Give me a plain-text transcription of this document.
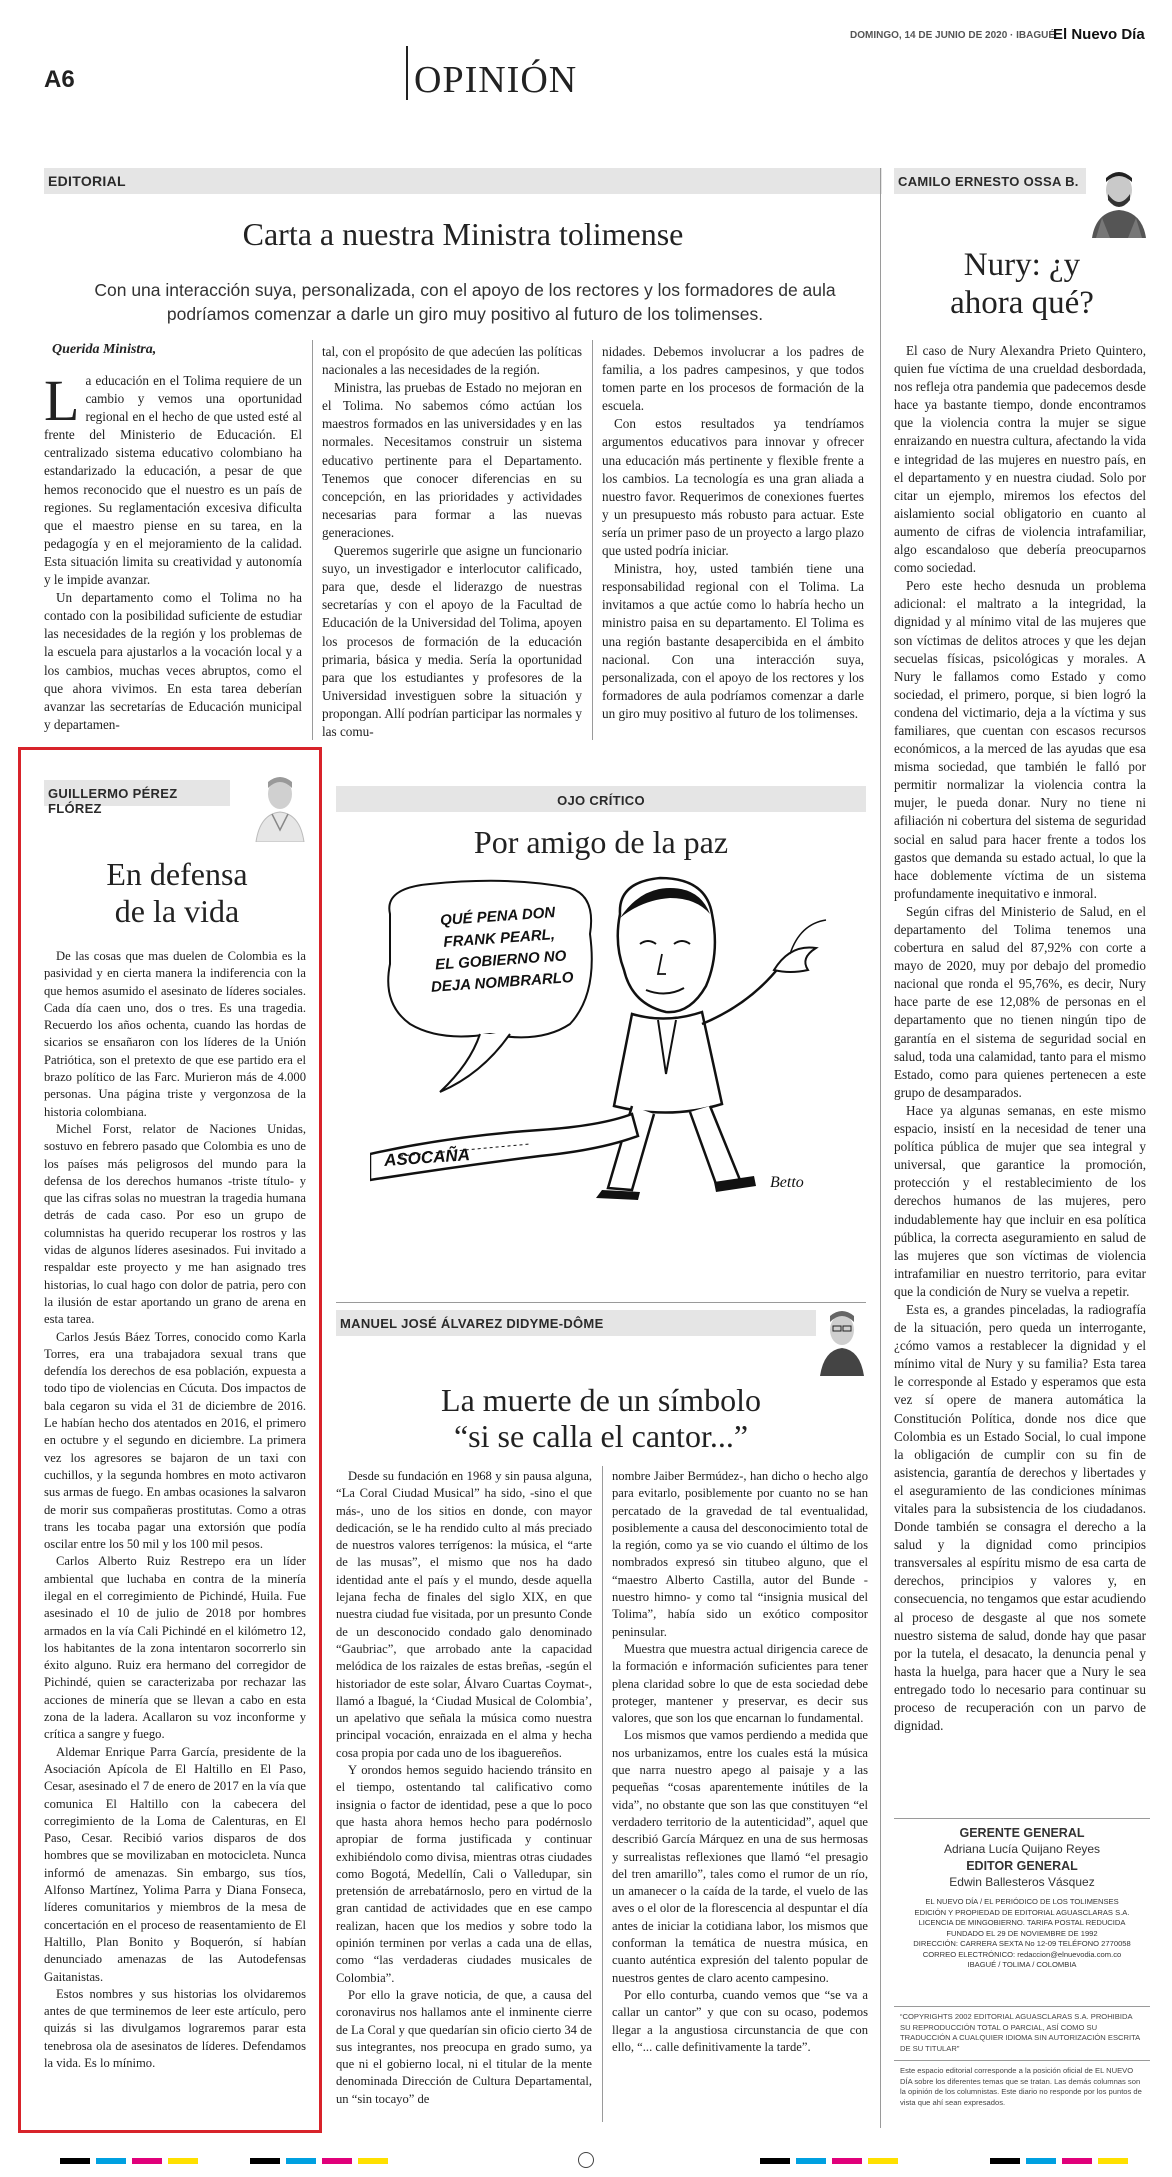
A6	OPINIÓN
DOMINGO, 14 DE JUNIO DE 2020 · IBAGUÉ
El Nuevo Día
EDITORIAL
Carta a nuestra Ministra tolimense
Con una interacción suya, personalizada, con el apoyo de los rectores y los formadores de aula podríamos comenzar a darle un giro muy positivo al futuro de los tolimenses.
Querida Ministra,

La educación en el Tolima requiere de un cambio y vemos una oportunidad regional en el hecho de que usted esté al frente del Ministerio de Educación. El centralizado sistema educativo colombiano ha estandarizado la educación, a pesar de que hemos reconocido que el nuestro es un país de regiones. Su reglamentación excesiva dificulta que el maestro piense en su tarea, en la pedagogía y en el mejoramiento de la calidad. Esta situación limita su creatividad y autonomía y le impide avanzar.

Un departamento como el Tolima no ha contado con la posibilidad suficiente de estudiar las necesidades de la región y los problemas de la escuela para ajustarlos a la vocación local y a los cambios, muchas veces abruptos, como el que ahora vivimos. En esta tarea deberían avanzar las secretarías de Educación municipal y departamen-

tal, con el propósito de que adecúen las políticas nacionales a las necesidades de la región.

Ministra, las pruebas de Estado no mejoran en el Tolima. No sabemos cómo actúan los maestros formados en las universidades y en las normales. Necesitamos construir un sistema educativo pertinente para el Departamento. Tenemos que conocer diferencias en su concepción, en las prioridades y actividades necesarias para formar a las nuevas generaciones.

Queremos sugerirle que asigne un funcionario suyo, un investigador e interlocutor calificado, para que, desde el liderazgo de nuestras secretarías y con el apoyo de la Facultad de Educación de la Universidad del Tolima, apoyen los procesos de formación de la educación primaria, básica y media. Sería la oportunidad para que los estudiantes y profesores de la Universidad investiguen sobre la situación y propongan. Allí podrían participar las normales y las comu-

nidades. Debemos involucrar a los padres de familia, a los padres campesinos, y que todos tomen parte en los procesos de formación de la escuela.

Con estos resultados ya tendríamos argumentos educativos para innovar y ofrecer una educación más pertinente y flexible frente a los cambios. La tecnología es una gran aliada a nuestro favor. Requerimos de conexiones fuertes y un presupuesto más robusto para actuar. Este sería un primer paso de un proyecto a largo plazo que usted podría iniciar.

Ministra, hoy, usted también tiene una responsabilidad regional con el Tolima. La invitamos a que actúe como lo habría hecho un ministro paisa en su departamento. El Tolima es una región bastante desapercibida en el ámbito nacional. Con una interacción suya, personalizada, con el apoyo de los rectores y los formadores de aula podríamos comenzar a darle un giro muy positivo al futuro de los tolimenses.

CAMILO ERNESTO OSSA B.
Nury: ¿y
ahora qué?

El caso de Nury Alexandra Prieto Quintero, quien fue víctima de una crueldad desbordada, nos refleja otra pandemia que padecemos desde hace ya bastante tiempo, donde encontramos que la violencia contra la mujer se sigue enraizando en nuestra cultura, afectando la vida e integridad de las mujeres en nuestro país, en el departamento y en nuestra ciudad. Solo por citar un ejemplo, miremos los efectos del aislamiento social obligatorio en cuanto al aumento de cifras de violencia intrafamiliar, algo escandaloso que debería preocuparnos como sociedad.

Pero este hecho desnuda un problema adicional: el maltrato a la integridad, la dignidad y al mínimo vital de las mujeres que son víctimas de delitos atroces y que les dejan secuelas físicas, psicológicas y morales. A Nury le fallamos como Estado y como sociedad, el primero, porque, si bien logró la condena del victimario, deja a la víctima y sus familiares, que cuentan con escasos recursos económicos, a la merced de las ayudas que esa misma sociedad, que también le falló por permitir normalizar la violencia contra la mujer, le pueda donar. Nury no tiene ni afiliación ni cobertura del sistema de seguridad social en salud para hacer frente a todos los gastos que demanda su estado actual, lo que la hace doblemente víctima de un sistema profundamente inequitativo e inmoral.

Según cifras del Ministerio de Salud, en el departamento del Tolima tenemos una cobertura en salud del 87,92% con corte a mayo de 2020, muy por debajo del promedio nacional que ronda el 95,76%, es decir, Nury hace parte de ese 12,08% de personas en el departamento que no tienen ningún tipo de garantía en el sistema de seguridad social en salud, toda una calamidad, tanto para el mismo Estado, como para quienes pertenecen a este grupo de desamparados.

Hace ya algunas semanas, en este mismo espacio, insistí en la necesidad de tener una política pública de mujer que sea integral y universal, que garantice la promoción, protección y el restablecimiento de los derechos humanos de las mujeres, pero indudablemente hay que incluir en esa política pública, la correcta aseguramiento en salud de las mujeres que son víctimas de violencia intrafamiliar en nuestro territorio, para evitar que la condición de Nury se vuelva a repetir.

Esta es, a grandes pinceladas, la radiografía de la situación, pero queda un interrogante, ¿cómo vamos a restablecer la dignidad y el mínimo vital de Nury y su familia? Esta tarea le corresponde al Estado y esperamos que esta vez sí opere de manera automática la Constitución Política, donde nos dice que Colombia es un Estado Social, lo cual impone la obligación de cumplir con su fin de asistencia, garantía de derechos y libertades y el aseguramiento de las condiciones mínimas vitales para la subsistencia de los ciudadanos. Donde también se consagra el derecho a la salud y la dignidad como principios transversales al espíritu mismo de esa carta de derechos, principios y valores y, en consecuencia, no tengamos que estar acudiendo al proceso de desgaste al que nos somete nuestro sistema de salud, donde hay que pasar por la tutela, el desacato, la denuncia penal y hasta la huelga, para hacer que a Nury le sea entregado todo lo necesario para continuar su proceso de recuperación con un parvo de dignidad.

GERENTE GENERAL
Adriana Lucía Quijano Reyes
EDITOR GENERAL
Edwin Ballesteros Vásquez
EL NUEVO DÍA / EL PERIÓDICO DE LOS TOLIMENSES
EDICIÓN Y PROPIEDAD DE EDITORIAL AGUASCLARAS S.A.
LICENCIA DE MINGOBIERNO. TARIFA POSTAL REDUCIDA
FUNDADO EL 29 DE NOVIEMBRE DE 1992
DIRECCIÓN: CARRERA SEXTA No 12-09 TELÉFONO 2770058
CORREO ELECTRÓNICO: redaccion@elnuevodia.com.co
IBAGUÉ / TOLIMA / COLOMBIA
“COPYRIGHTS 2002 EDITORIAL AGUASCLARAS S.A. PROHIBIDA SU REPRODUCCIÓN TOTAL O PARCIAL, ASÍ COMO SU TRADUCCIÓN A CUALQUIER IDIOMA SIN AUTORIZACIÓN ESCRITA DE SU TITULAR”
Este espacio editorial corresponde a la posición oficial de EL NUEVO DÍA sobre los diferentes temas que se tratan. Las demás columnas son la opinión de los columnistas. Este diario no responde por los puntos de vista que ahí sean expresados.
GUILLERMO PÉREZ FLÓREZ
En defensa
de la vida

De las cosas que mas duelen de Colombia es la pasividad y en cierta manera la indiferencia con la que hemos asumido el asesinato de líderes sociales. Cada día caen uno, dos o tres. Es una tragedia. Recuerdo los años ochenta, cuando las hordas de sicarios se ensañaron con los líderes de la Unión Patriótica, son el pretexto de que ese partido era el brazo político de las Farc. Murieron más de 4.000 personas. Una página triste y vergonzosa de la historia colombiana.

Michel Forst, relator de Naciones Unidas, sostuvo en febrero pasado que Colombia es uno de los países más peligrosos del mundo para la defensa de los derechos humanos -triste título- y que las cifras solas no muestran la tragedia humana detrás de cada caso. Por eso un grupo de columnistas ha querido recuperar los rostros y las vidas de algunos líderes asesinados. Fui invitado a respaldar este proyecto y me han asignado tres historias, lo cual hago con dolor de patria, pero con la ilusión de estar aportando un grano de arena en esta tarea.

Carlos Jesús Báez Torres, conocido como Karla Torres, era una trabajadora sexual trans que defendía los derechos de esa población, expuesta a todo tipo de violencias en Cúcuta. Dos impactos de bala cegaron su vida el 31 de diciembre de 2016. Le habían hecho dos atentados en 2016, el primero en octubre y el segundo en diciembre. La primera vez los agresores se bajaron de un taxi con cuchillos, y la segunda hombres en moto activaron sus armas de fuego. En ambas ocasiones la salvaron de morir sus compañeras prostitutas. Como a otras trans les tocaba pagar una extorsión que podía oscilar entre los 50 mil y los 100 mil pesos.

Carlos Alberto Ruiz Restrepo era un líder ambiental que luchaba en contra de la minería ilegal en el corregimiento de Pichindé, Huila. Fue asesinado el 10 de julio de 2018 por hombres armados en la vía Cali Pichindé en el kilómetro 12, los habitantes de la zona intentaron socorrerlo sin éxito alguno. Ruiz era hermano del corregidor de Pichindé, quien se caracterizaba por rechazar las acciones de minería que se llevan a cabo en esta zona de la ladera. Acallaron su voz inconforme y crítica a sangre y fuego.

Aldemar Enrique Parra García, presidente de la Asociación Apícola de El Haltillo en El Paso, Cesar, asesinado el 7 de enero de 2017 en la vía que comunica El Haltillo con la cabecera del corregimiento de la Loma de Calenturas, en El Paso, Cesar. Recibió varios disparos de dos hombres que se movilizaban en motocicleta. Nunca informó de amenazas. Sin embargo, sus tíos, Alfonso Martínez, Yolima Parra y Diana Fonseca, líderes comunitarios y miembros de la mesa de concertación en el proceso de reasentamiento de El Haltillo, Plan Bonito y Boquerón, sí habían denunciado amenazas de las Autodefensas Gaitanistas.

Estos nombres y sus historias los olvidaremos antes de que terminemos de leer este artículo, pero quizás si las divulgamos lograremos parar esta tenebrosa ola de asesinatos de líderes. Defendamos la vida. Es lo mínimo.

OJO CRÍTICO
Por amigo de la paz
QUÉ PENA DON
FRANK PEARL,
EL GOBIERNO NO
DEJA NOMBRARLO
ASOCAÑA
Betto
MANUEL JOSÉ ÁLVAREZ DIDYME-DÔME
La muerte de un símbolo
“si se calla el cantor...”

Desde su fundación en 1968 y sin pausa alguna, “La Coral Ciudad Musical” ha sido, -sino el que más-, uno de los sitios en donde, con mayor dedicación, se le ha rendido culto al más preciado de nuestros valores terrígenos: la música, el “arte de las musas”, el mismo que nos ha dado identidad ante el país y el mundo, desde aquella lejana fecha de finales del siglo XIX, en que nuestra ciudad fue visitada, por un presunto Conde de un desconocido condado galo denominado “Gaubriac”, que arrobado ante la capacidad melódica de los raizales de estas breñas, -según el historiador de este solar, Álvaro Cuartas Coymat-, llamó a Ibagué, la ‘Ciudad Musical de Colombia’, un apelativo que señala la música como nuestra principal vocación, enraizada en el alma y hecha cosa propia por cada uno de los ibaguereños.

Y orondos hemos seguido haciendo tránsito en el tiempo, ostentando tal calificativo como insignia o factor de identidad, pese a que lo poco que hasta ahora hemos hecho para podérnoslo apropiar de forma justificada y continuar exhibiéndolo como divisa, mientras otras ciudades como Bogotá, Medellín, Cali o Valledupar, sin pretensión de arrebatárnoslo, pero en virtud de la gran cantidad de actividades que en ese campo realizan, hacen que los medios y sobre todo la opinión terminen por verlas a cada una de ellas, como “las verdaderas ciudades musicales de Colombia”.

Por ello la grave noticia, de que, a causa del coronavirus nos hallamos ante el inminente cierre de La Coral y que quedarían sin oficio cierto 34 de sus integrantes, nos preocupa en grado sumo, ya que ni el gobierno local, ni el titular de la mente denominada Dirección de Cultura Departamental, un “sin tocayo” de

nombre Jaiber Bermúdez-, han dicho o hecho algo para evitarlo, posiblemente por cuanto no se han percatado de la gravedad de tal eventualidad, posiblemente a causa del desconocimiento total de la región, como ya se vio cuando el último de los nombrados expresó sin titubeo alguno, que el “maestro Alberto Castilla, autor del Bunde -nuestro himno- y como tal “insignia musical del Tolima”, había sido un exótico compositor peninsular.

Muestra que muestra actual dirigencia carece de la formación e información suficientes para tener plena claridad sobre lo que de esta sociedad debe proteger, mantener y preservar, es decir sus valores, que son los que encarnan lo fundamental.

Los mismos que vamos perdiendo a medida que nos urbanizamos, entre los cuales está la música que narra nuestro apego al paisaje y a las pequeñas “cosas aparentemente inútiles de la vida”, no obstante que son las que constituyen “el verdadero territorio de la autenticidad”, aquel que describió García Márquez en una de sus hermosas y surrealistas reflexiones que llamó “el presagio del tren amarillo”, tales como el rumor de un río, un amanecer o la caída de la tarde, el vuelo de las aves o el olor de la florescencia al despuntar el día antes de iniciar la cotidiana labor, los mismos que conforman la temática de nuestra música, en cuanto auténtica expresión del talento popular de nuestros gentes de claro acento campesino.

Por ello conturba, cuando vemos que “se va a callar un cantor” y que con su ocaso, podemos llegar a la angustiosa circunstancia de que con ello, “... calle definitivamente la tarde”.
